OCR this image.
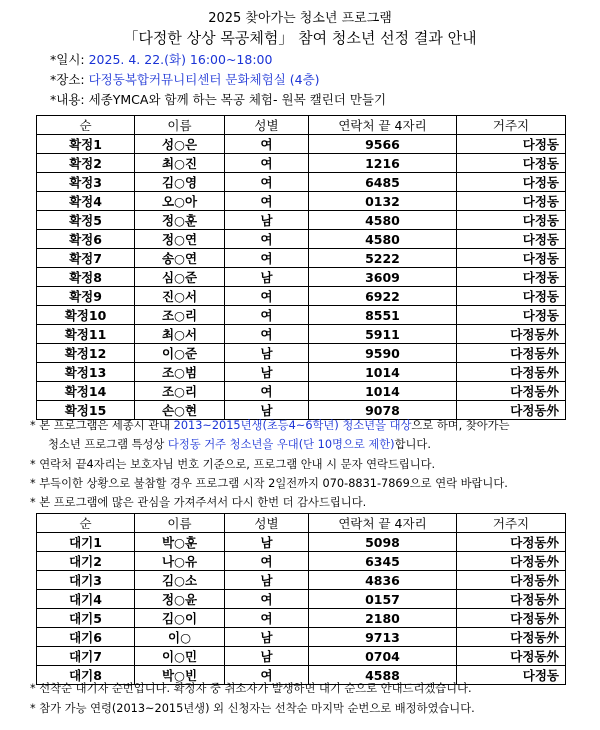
2025 찾아가는 청소년 프로그램
「다정한 상상 목공체험」 참여 청소년 선정 결과 안내
*일시: 2025. 4. 22.(화) 16:00~18:00
*장소: 다정동복합커뮤니티센터 문화체험실 (4층)
*내용: 세종YMCA와 함께 하는 목공 체험- 원목 캘린더 만들기
순	이름	성별	연락처 끝 4자리	거주지
확정1	성○은	여	9566	다정동
확정2	최○진	여	1216	다정동
확정3	김○영	여	6485	다정동
확정4	오○아	여	0132	다정동
확정5	정○훈	남	4580	다정동
확정6	정○연	여	4580	다정동
확정7	송○연	여	5222	다정동
확정8	심○준	남	3609	다정동
확정9	진○서	여	6922	다정동
확정10	조○리	여	8551	다정동
확정11	최○서	여	5911	다정동外
확정12	이○준	남	9590	다정동外
확정13	조○범	남	1014	다정동外
확정14	조○리	여	1014	다정동外
확정15	손○현	남	9078	다정동外
* 본 프로그램은 세종시 관내 2013~2015년생(초등4~6학년) 청소년을 대상으로 하며, 찾아가는
청소년 프로그램 특성상 다정동 거주 청소년을 우대(단 10명으로 제한)합니다.
* 연락처 끝4자리는 보호자님 번호 기준으로, 프로그램 안내 시 문자 연락드립니다.
* 부득이한 상황으로 불참할 경우 프로그램 시작 2일전까지 070-8831-7869으로 연락 바랍니다.
* 본 프로그램에 많은 관심을 가져주셔서 다시 한번 더 감사드립니다.
순	이름	성별	연락처 끝 4자리	거주지
대기1	박○훈	남	5098	다정동外
대기2	나○유	여	6345	다정동外
대기3	김○소	남	4836	다정동外
대기4	정○윤	여	0157	다정동外
대기5	김○이	여	2180	다정동外
대기6	이○	남	9713	다정동外
대기7	이○민	남	0704	다정동外
대기8	박○빈	여	4588	다정동
* 선착순 대기자 순번입니다. 확정자 중 취소자가 발생하면 대기 순으로 안내드리겠습니다.
* 참가 가능 연령(2013~2015년생) 외 신청자는 선착순 마지막 순번으로 배정하였습니다.
